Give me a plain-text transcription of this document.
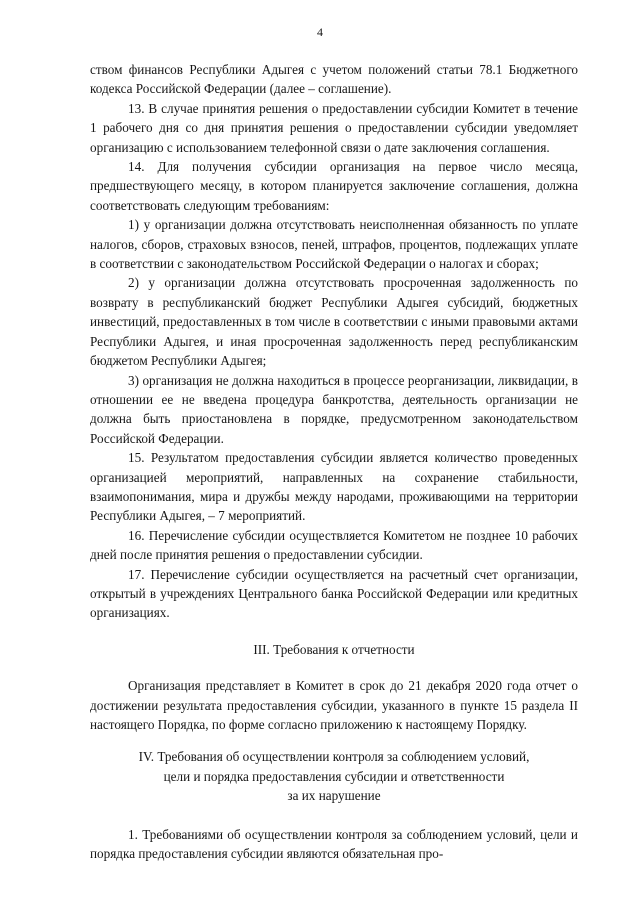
4

ством финансов Республики Адыгея с учетом положений статьи 78.1 Бюджетного кодекса Российской Федерации (далее – соглашение).

13. В случае принятия решения о предоставлении субсидии Комитет в течение 1 рабочего дня со дня принятия решения о предоставлении субсидии уведомляет организацию с использованием телефонной связи о дате заключения соглашения.

14. Для получения субсидии организация на первое число месяца, предшествующего месяцу, в котором планируется заключение соглашения, должна соответствовать следующим требованиям:

1) у организации должна отсутствовать неисполненная обязанность по уплате налогов, сборов, страховых взносов, пеней, штрафов, процентов, подлежащих уплате в соответствии с законодательством Российской Федерации о налогах и сборах;

2) у организации должна отсутствовать просроченная задолженность по возврату в республиканский бюджет Республики Адыгея субсидий, бюджетных инвестиций, предоставленных в том числе в соответствии с иными правовыми актами Республики Адыгея, и иная просроченная задолженность перед республиканским бюджетом Республики Адыгея;

3) организация не должна находиться в процессе реорганизации, ликвидации, в отношении ее не введена процедура банкротства, деятельность организации не должна быть приостановлена в порядке, предусмотренном законодательством Российской Федерации.

15. Результатом предоставления субсидии является количество проведенных организацией мероприятий, направленных на сохранение стабильности, взаимопонимания, мира и дружбы между народами, проживающими на территории Республики Адыгея, – 7 мероприятий.

16. Перечисление субсидии осуществляется Комитетом не позднее 10 рабочих дней после принятия решения о предоставлении субсидии.

17. Перечисление субсидии осуществляется на расчетный счет организации, открытый в учреждениях Центрального банка Российской Федерации или кредитных организациях.

III. Требования к отчетности

Организация представляет в Комитет в срок до 21 декабря 2020 года отчет о достижении результата предоставления субсидии, указанного в пункте 15 раздела II настоящего Порядка, по форме согласно приложению к настоящему Порядку.

IV. Требования об осуществлении контроля за соблюдением условий,
цели и порядка предоставления субсидии и ответственности
за их нарушение

1. Требованиями об осуществлении контроля за соблюдением условий, цели и порядка предоставления субсидии являются обязательная про-
